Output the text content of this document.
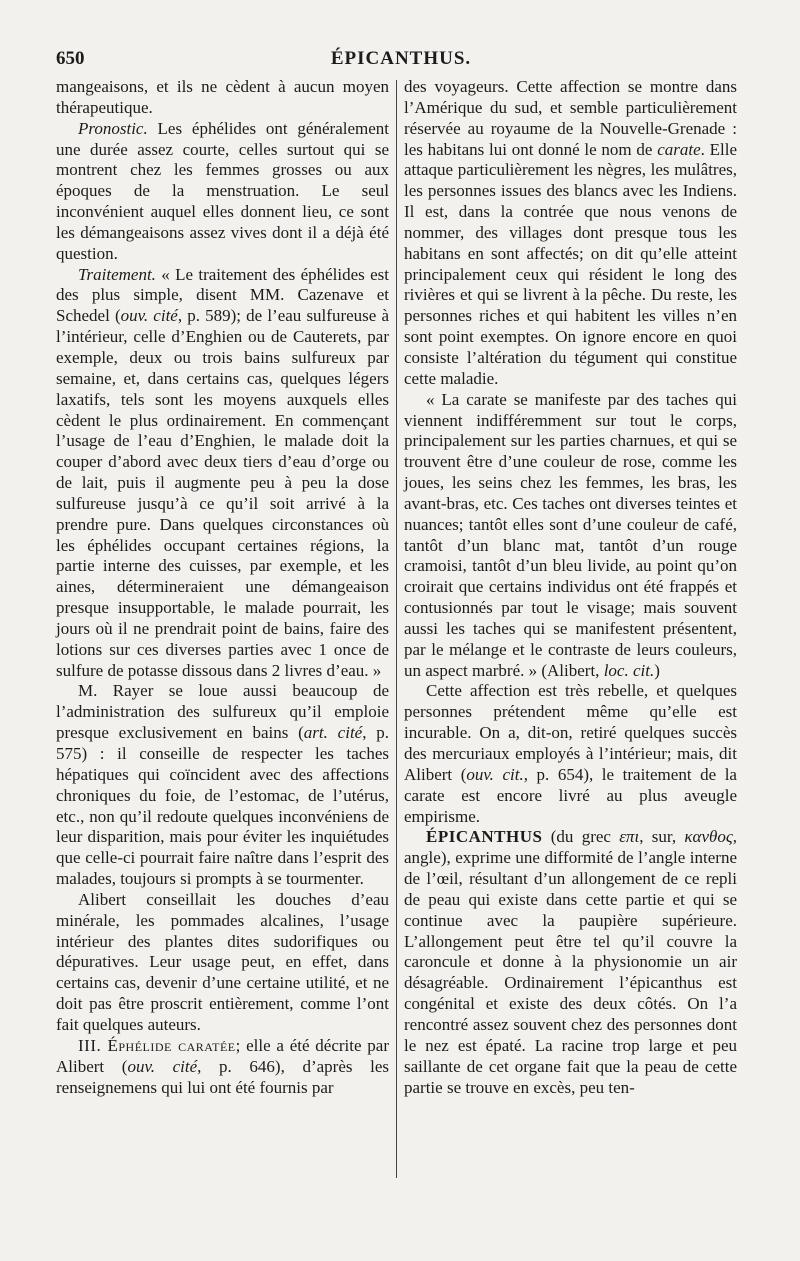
650	ÉPICANTHUS.

mangeaisons, et ils ne cèdent à aucun moyen thérapeutique.

Pronostic. Les éphélides ont généralement une durée assez courte, celles surtout qui se montrent chez les femmes grosses ou aux époques de la menstruation. Le seul inconvénient auquel elles donnent lieu, ce sont les démangeaisons assez vives dont il a déjà été question.

Traitement. « Le traitement des éphélides est des plus simple, disent MM. Cazenave et Schedel (ouv. cité, p. 589); de l’eau sulfureuse à l’intérieur, celle d’Enghien ou de Cauterets, par exemple, deux ou trois bains sulfureux par semaine, et, dans certains cas, quelques légers laxatifs, tels sont les moyens auxquels elles cèdent le plus ordinairement. En commençant l’usage de l’eau d’Enghien, le malade doit la couper d’abord avec deux tiers d’eau d’orge ou de lait, puis il augmente peu à peu la dose sulfureuse jusqu’à ce qu’il soit arrivé à la prendre pure. Dans quelques circonstances où les éphélides occupant certaines régions, la partie interne des cuisses, par exemple, et les aines, détermineraient une démangeaison presque insupportable, le malade pourrait, les jours où il ne prendrait point de bains, faire des lotions sur ces diverses parties avec 1 once de sulfure de potasse dissous dans 2 livres d’eau. »

M. Rayer se loue aussi beaucoup de l’administration des sulfureux qu’il emploie presque exclusivement en bains (art. cité, p. 575) : il conseille de respecter les taches hépatiques qui coïncident avec des affections chroniques du foie, de l’estomac, de l’utérus, etc., non qu’il redoute quelques inconvéniens de leur disparition, mais pour éviter les inquiétudes que celle-ci pourrait faire naître dans l’esprit des malades, toujours si prompts à se tourmenter.

Alibert conseillait les douches d’eau minérale, les pommades alcalines, l’usage intérieur des plantes dites sudorifiques ou dépuratives. Leur usage peut, en effet, dans certains cas, devenir d’une certaine utilité, et ne doit pas être proscrit entièrement, comme l’ont fait quelques auteurs.

III. Éphélide caratée; elle a été décrite par Alibert (ouv. cité, p. 646), d’après les renseignemens qui lui ont été fournis par

des voyageurs. Cette affection se montre dans l’Amérique du sud, et semble particulièrement réservée au royaume de la Nouvelle-Grenade : les habitans lui ont donné le nom de carate. Elle attaque particulièrement les nègres, les mulâtres, les personnes issues des blancs avec les Indiens. Il est, dans la contrée que nous venons de nommer, des villages dont presque tous les habitans en sont affectés; on dit qu’elle atteint principalement ceux qui résident le long des rivières et qui se livrent à la pêche. Du reste, les personnes riches et qui habitent les villes n’en sont point exemptes. On ignore encore en quoi consiste l’altération du tégument qui constitue cette maladie.

« La carate se manifeste par des taches qui viennent indifféremment sur tout le corps, principalement sur les parties charnues, et qui se trouvent être d’une couleur de rose, comme les joues, les seins chez les femmes, les bras, les avant-bras, etc. Ces taches ont diverses teintes et nuances; tantôt elles sont d’une couleur de café, tantôt d’un blanc mat, tantôt d’un rouge cramoisi, tantôt d’un bleu livide, au point qu’on croirait que certains individus ont été frappés et contusionnés par tout le visage; mais souvent aussi les taches qui se manifestent présentent, par le mélange et le contraste de leurs couleurs, un aspect marbré. » (Alibert, loc. cit.)

Cette affection est très rebelle, et quelques personnes prétendent même qu’elle est incurable. On a, dit-on, retiré quelques succès des mercuriaux employés à l’intérieur; mais, dit Alibert (ouv. cit., p. 654), le traitement de la carate est encore livré au plus aveugle empirisme.

ÉPICANTHUS (du grec επι, sur, κανθος, angle), exprime une difformité de l’angle interne de l’œil, résultant d’un allongement de ce repli de peau qui existe dans cette partie et qui se continue avec la paupière supérieure. L’allongement peut être tel qu’il couvre la caroncule et donne à la physionomie un air désagréable. Ordinairement l’épicanthus est congénital et existe des deux côtés. On l’a rencontré assez souvent chez des personnes dont le nez est épaté. La racine trop large et peu saillante de cet organe fait que la peau de cette partie se trouve en excès, peu ten-
